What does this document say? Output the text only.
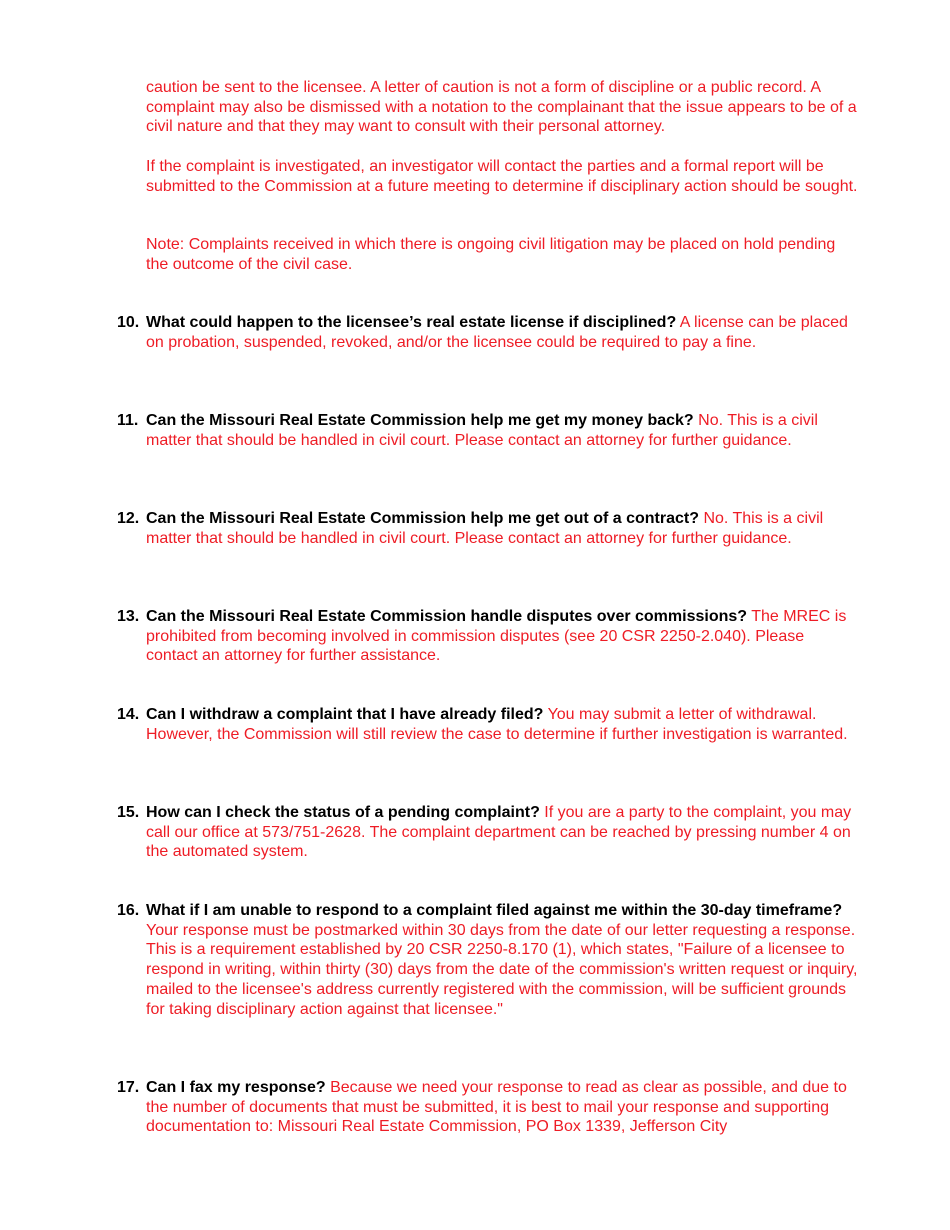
caution be sent to the licensee. A letter of caution is not a form of discipline or a public record. A complaint may also be dismissed with a notation to the complainant that the issue appears to be of a civil nature and that they may want to consult with their personal attorney.

If the complaint is investigated, an investigator will contact the parties and a formal report will be submitted to the Commission at a future meeting to determine if disciplinary action should be sought.

Note: Complaints received in which there is ongoing civil litigation may be placed on hold pending the outcome of the civil case.

10. What could happen to the licensee’s real estate license if disciplined? A license can be placed on probation, suspended, revoked, and/or the licensee could be required to pay a fine.
11. Can the Missouri Real Estate Commission help me get my money back? No. This is a civil matter that should be handled in civil court. Please contact an attorney for further guidance.
12. Can the Missouri Real Estate Commission help me get out of a contract? No. This is a civil matter that should be handled in civil court. Please contact an attorney for further guidance.
13. Can the Missouri Real Estate Commission handle disputes over commissions? The MREC is prohibited from becoming involved in commission disputes (see 20 CSR 2250-2.040). Please contact an attorney for further assistance.
14. Can I withdraw a complaint that I have already filed? You may submit a letter of withdrawal. However, the Commission will still review the case to determine if further investigation is warranted.
15. How can I check the status of a pending complaint? If you are a party to the complaint, you may call our office at 573/751-2628. The complaint department can be reached by pressing number 4 on the automated system.
16. What if I am unable to respond to a complaint filed against me within the 30-day timeframe? Your response must be postmarked within 30 days from the date of our letter requesting a response. This is a requirement established by 20 CSR 2250-8.170 (1), which states, "Failure of a licensee to respond in writing, within thirty (30) days from the date of the commission's written request or inquiry, mailed to the licensee's address currently registered with the commission, will be sufficient grounds for taking disciplinary action against that licensee."
17. Can I fax my response? Because we need your response to read as clear as possible, and due to the number of documents that must be submitted, it is best to mail your response and supporting documentation to: Missouri Real Estate Commission, PO Box 1339, Jefferson City
